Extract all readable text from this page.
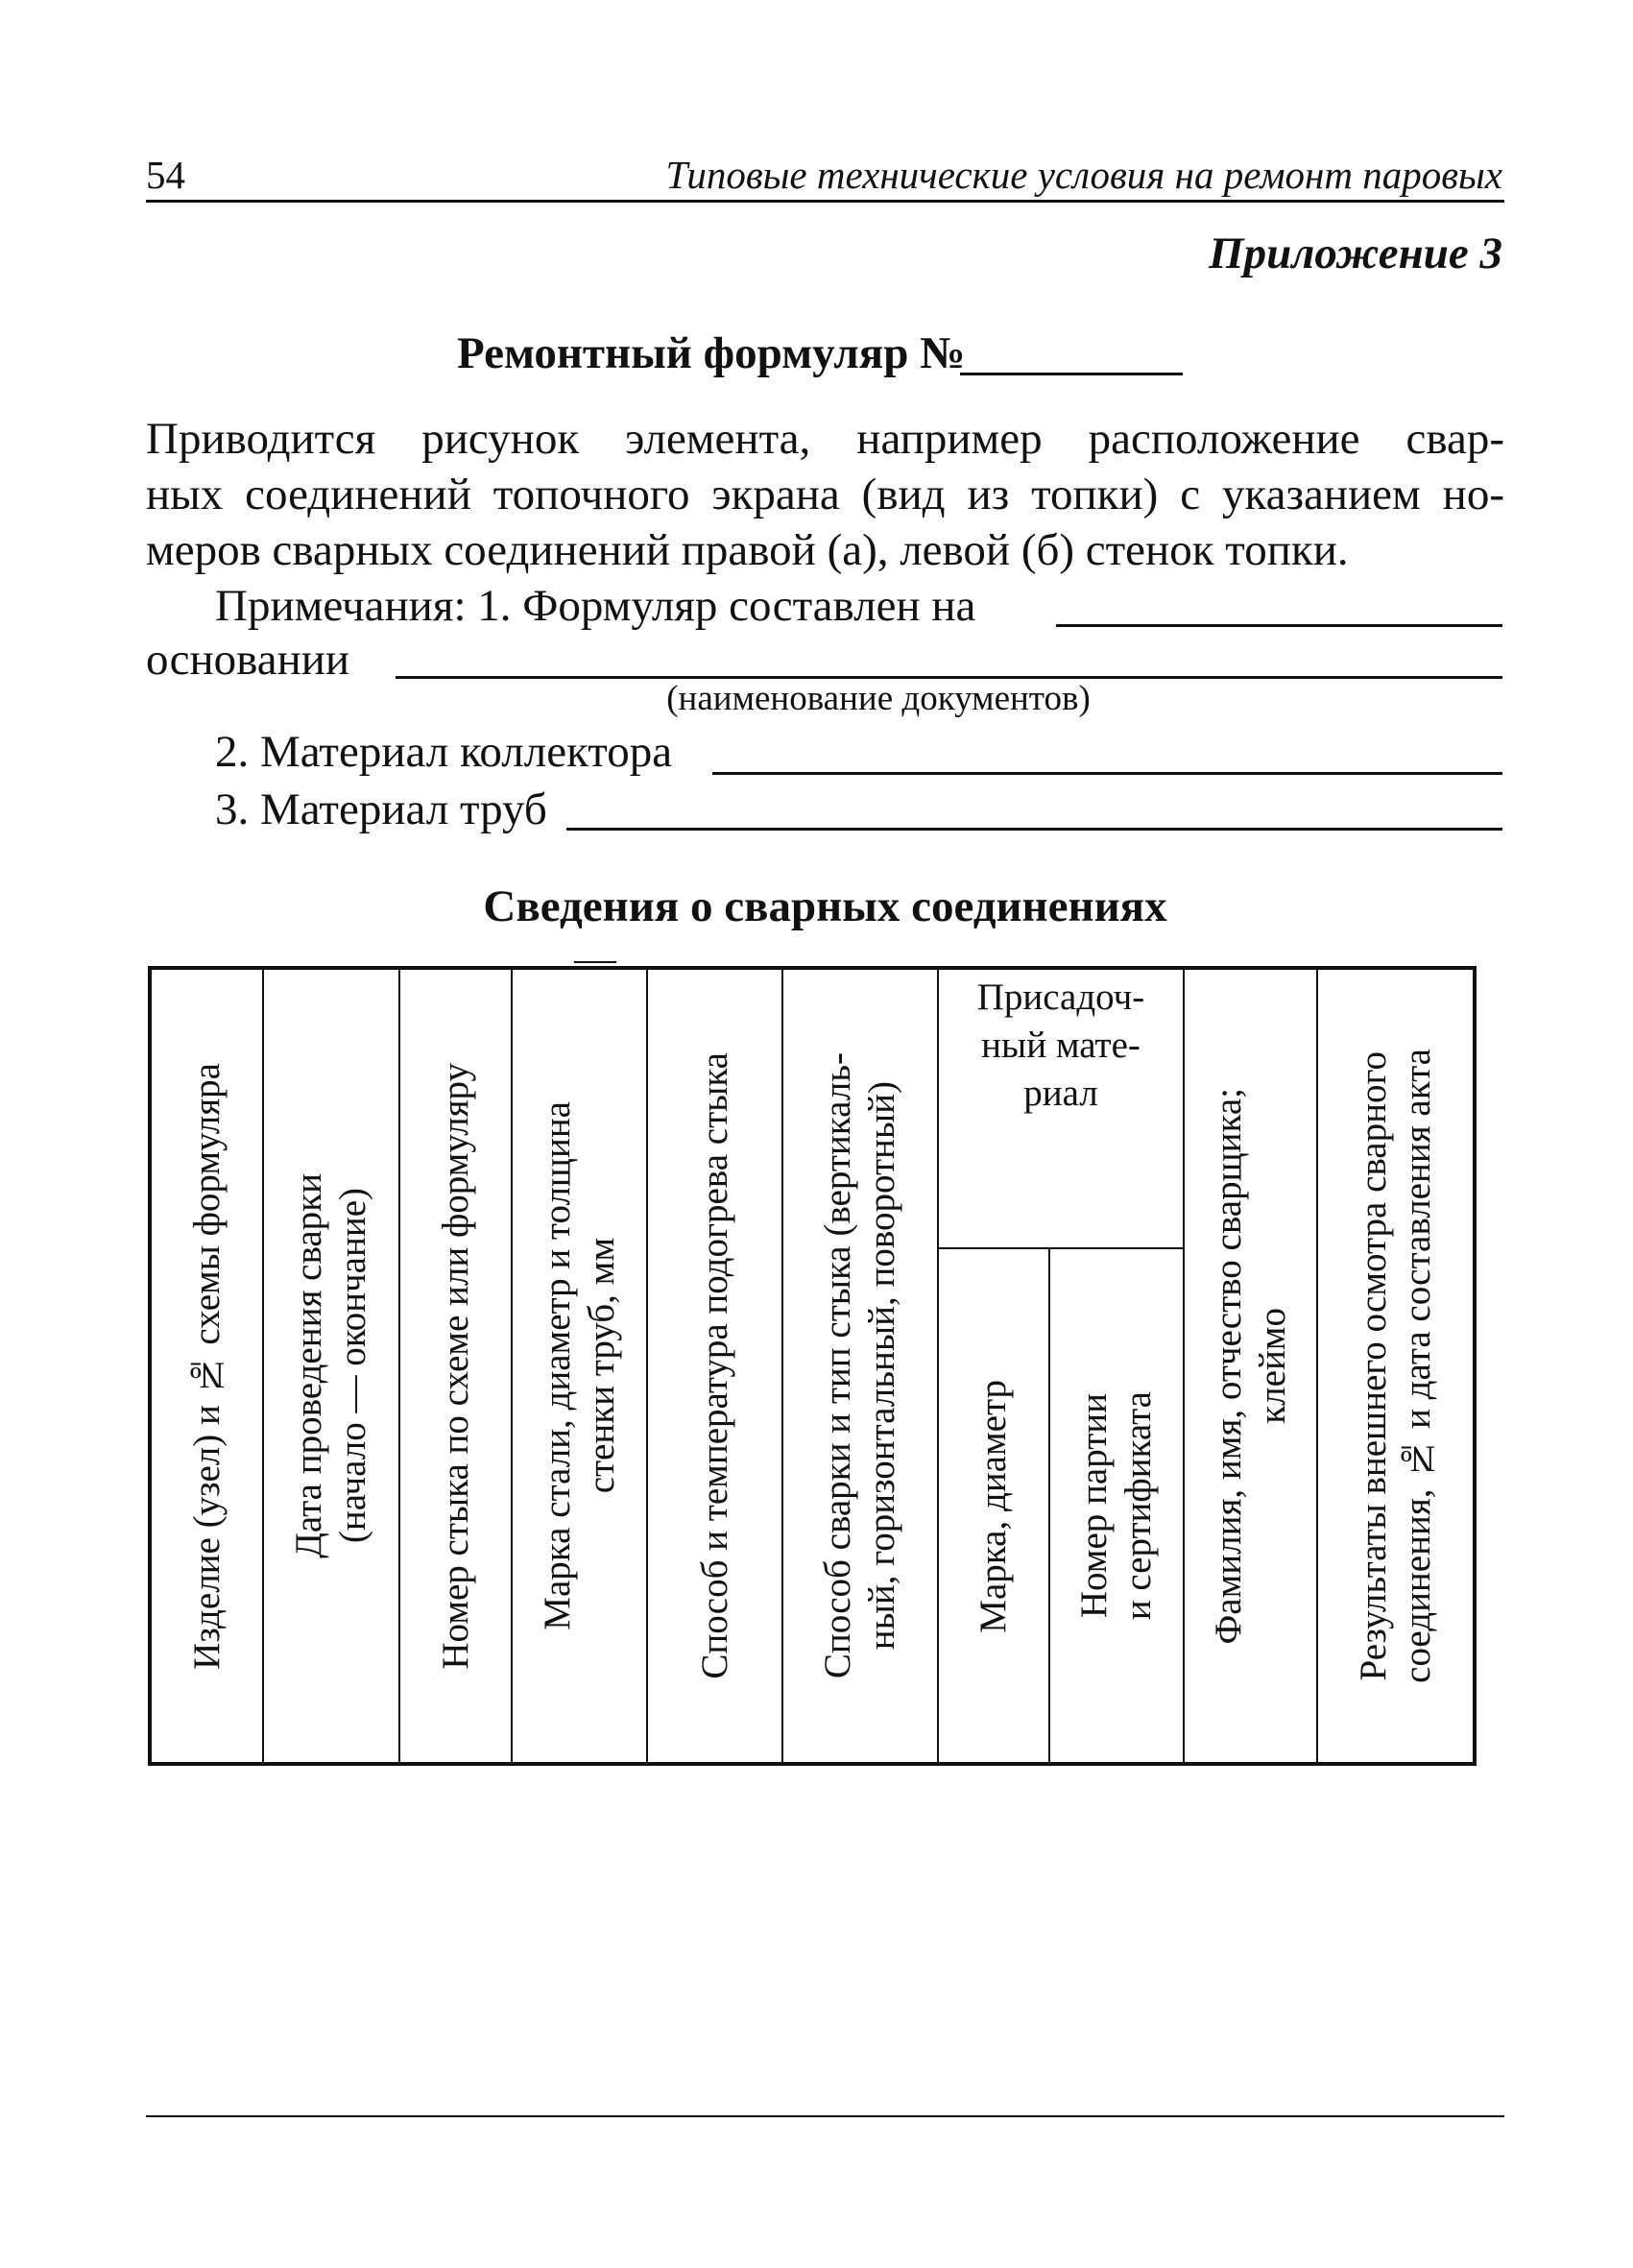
54	Типовые технические условия на ремонт паровых
Приложение 3
Ремонтный формуляр №
Приводится рисунок элемента, например расположение свар-
ных соединений топочного экрана (вид из топки) с указанием но-
меров сварных соединений правой (а), левой (б) стенок топки.
Примечания: 1. Формуляр составлен на
основании
(наименование документов)
2. Материал коллектора
3. Материал труб
Сведения о сварных соединениях
Изделие (узел) и № схемы формуляра Дата проведения сварки (начало — окончание) Номер стыка по схеме или формуляру Марка стали, диаметр и толщина стенки труб, мм Способ и температура подогрева стыка Способ сварки и тип стыка (вертикаль- ный, горизонтальный, поворотный)
Присадоч-
ный мате-
риал
Марка, диаметр Номер партии и сертификата Фамилия, имя, отчество сварщика; клеймо Результаты внешнего осмотра сварного соединения, № и дата составления акта
